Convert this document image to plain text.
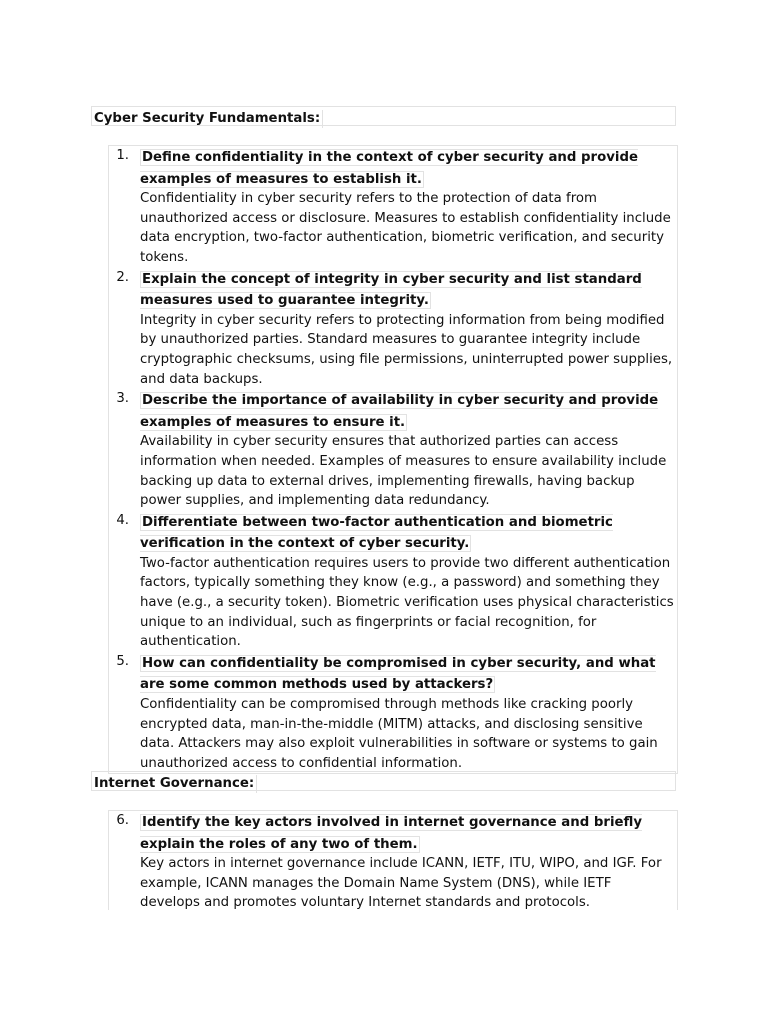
Cyber Security Fundamentals:
1. Define confidentiality in the context of cyber security and provide examples of measures to establish it.
Confidentiality in cyber security refers to the protection of data from unauthorized access or disclosure. Measures to establish confidentiality include data encryption, two-factor authentication, biometric verification, and security tokens.
2. Explain the concept of integrity in cyber security and list standard measures used to guarantee integrity.
Integrity in cyber security refers to protecting information from being modified by unauthorized parties. Standard measures to guarantee integrity include cryptographic checksums, using file permissions, uninterrupted power supplies, and data backups.
3. Describe the importance of availability in cyber security and provide examples of measures to ensure it.
Availability in cyber security ensures that authorized parties can access information when needed. Examples of measures to ensure availability include backing up data to external drives, implementing firewalls, having backup power supplies, and implementing data redundancy.
4. Differentiate between two-factor authentication and biometric verification in the context of cyber security.
Two-factor authentication requires users to provide two different authentication factors, typically something they know (e.g., a password) and something they have (e.g., a security token). Biometric verification uses physical characteristics unique to an individual, such as fingerprints or facial recognition, for authentication.
5. How can confidentiality be compromised in cyber security, and what are some common methods used by attackers?
Confidentiality can be compromised through methods like cracking poorly encrypted data, man-in-the-middle (MITM) attacks, and disclosing sensitive data. Attackers may also exploit vulnerabilities in software or systems to gain unauthorized access to confidential information.
Internet Governance:
6. Identify the key actors involved in internet governance and briefly explain the roles of any two of them.
Key actors in internet governance include ICANN, IETF, ITU, WIPO, and IGF. For example, ICANN manages the Domain Name System (DNS), while IETF develops and promotes voluntary Internet standards and protocols.
